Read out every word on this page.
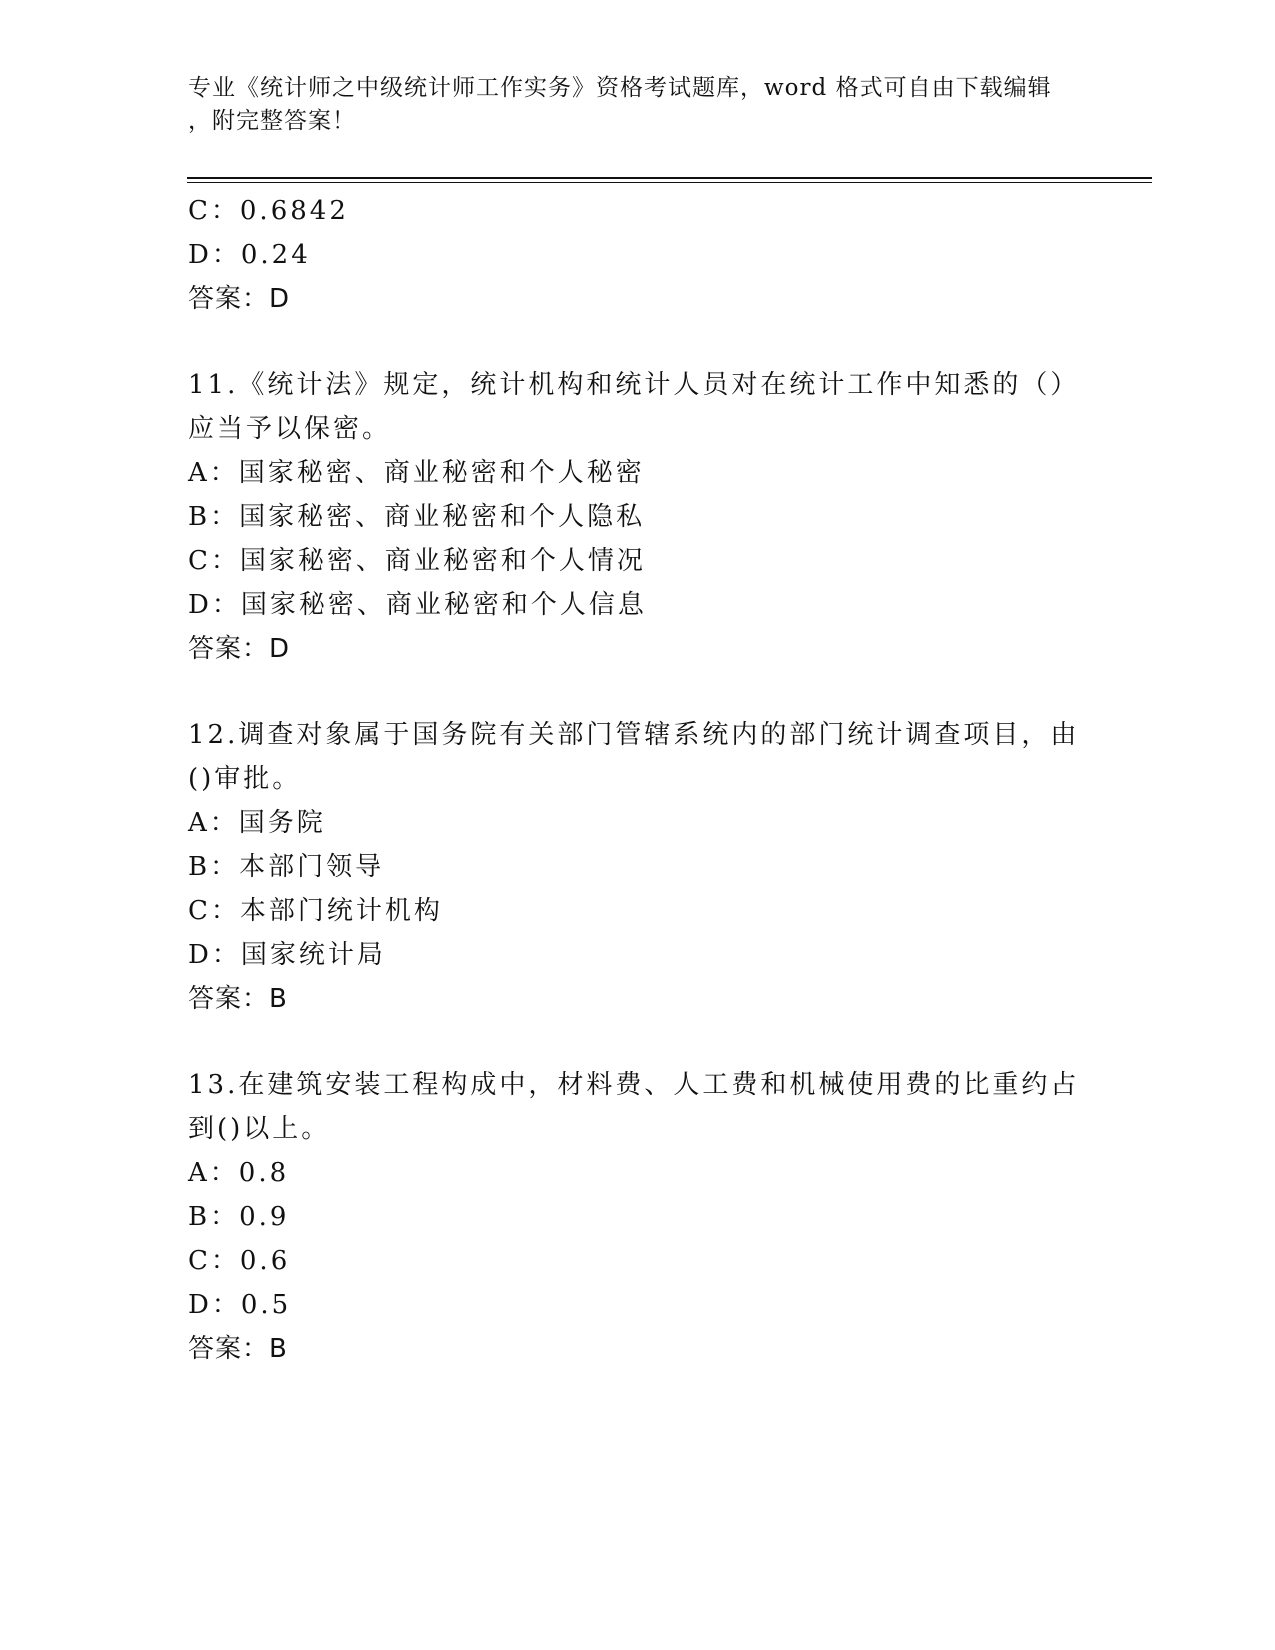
专业《统计师之中级统计师工作实务》资格考试题库，word 格式可自由下载编辑
，附完整答案！
C：0.6842
D：0.24
答案：D
11.《统计法》规定，统计机构和统计人员对在统计工作中知悉的（）
应当予以保密。
A：国家秘密、商业秘密和个人秘密
B：国家秘密、商业秘密和个人隐私
C：国家秘密、商业秘密和个人情况
D：国家秘密、商业秘密和个人信息
答案：D
12.调查对象属于国务院有关部门管辖系统内的部门统计调查项目，由
()审批。
A：国务院
B：本部门领导
C：本部门统计机构
D：国家统计局
答案：B
13.在建筑安装工程构成中，材料费、人工费和机械使用费的比重约占
到()以上。
A：0.8
B：0.9
C：0.6
D：0.5
答案：B
